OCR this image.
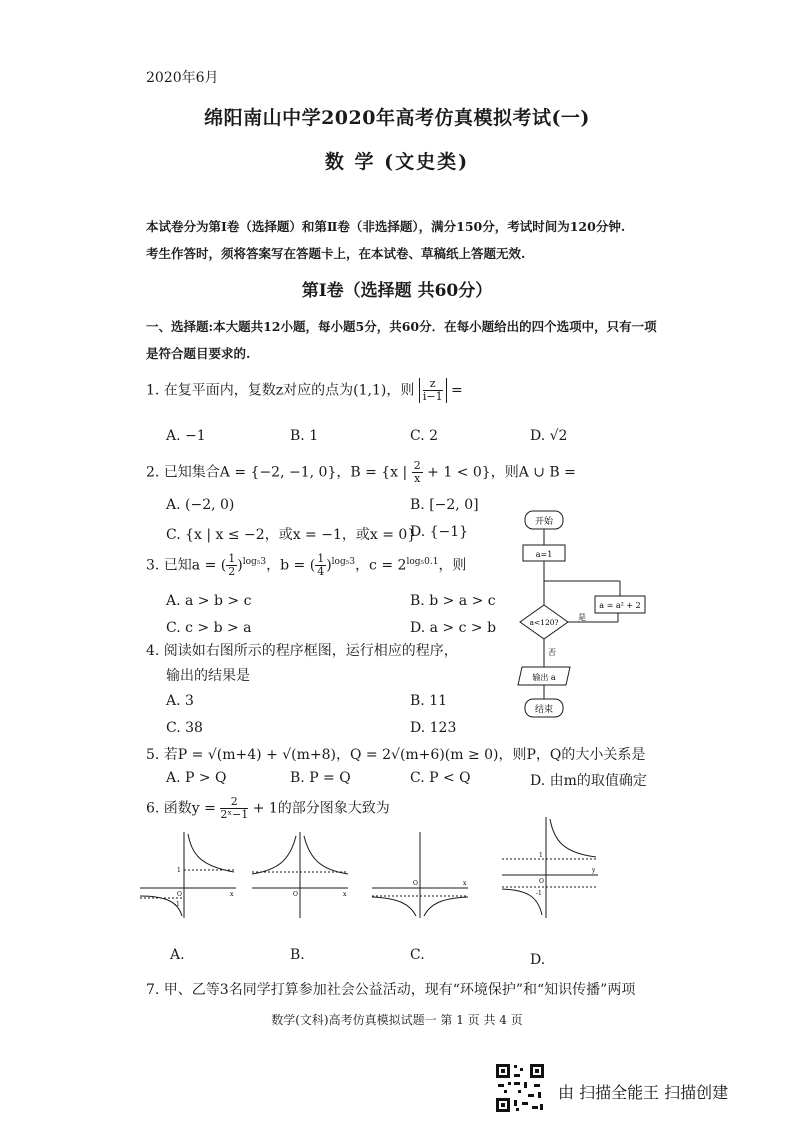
2020年6月
绵阳南山中学2020年高考仿真模拟考试(一)
数 学 (文史类)
本试卷分为第Ⅰ卷（选择题）和第Ⅱ卷（非选择题），满分150分，考试时间为120分钟.
考生作答时，须将答案写在答题卡上，在本试卷、草稿纸上答题无效.
第Ⅰ卷（选择题 共60分）
一、选择题:本大题共12小题，每小题5分，共60分．在每小题给出的四个选项中，只有一项是符合题目要求的.
1. 在复平面内，复数z对应的点为(1,1)，则 $\frac{z}{i-1}$ =
A. −1	B. 1	C. 2	D. √2
2. 已知集合A = {−2, −1, 0}，B = {x | $\frac{2}{x} + 1 < 0$}，则A ∪ B =
A. (−2, 0)	B. [−2, 0]
C. {x | x ≤ −2，或x = −1，或x = 0}
D. {−1}
3. 已知a = ( $\frac{1}{2} )^{log_53}$，b = ( $\frac{1}{4} )^{log_53}$，$c = 2^{log_50.1}$，则
A. a > b > c	B. b > a > c
C. c > b > a	D. a > c > b
4. 阅读如右图所示的程序框图，运行相应的程序，
输出的结果是
A. 3	B. 11
C. 38	D. 123
开始
a=1
a<120?
a = a² + 2
是
否
输出 a
结束
5. 若P = √(m+4) + √(m+8)，Q = 2√(m+6)(m ≥ 0)，则P，Q的大小关系是
A. P > Q	B. P = Q	C. P < Q	D. 由m的取值确定
6. 函数$y = \frac{2}{\text{2ˣ−1}} + 1$的部分图象大致为
1
O
-1
x	O	x
O	x
1
O
-1
y
A.	B.	C.	D.
7. 甲、乙等3名同学打算参加社会公益活动，现有“环境保护”和“知识传播”两项
数学(文科)高考仿真模拟试题一 第 1 页 共 4 页
由 扫描全能王 扫描创建
